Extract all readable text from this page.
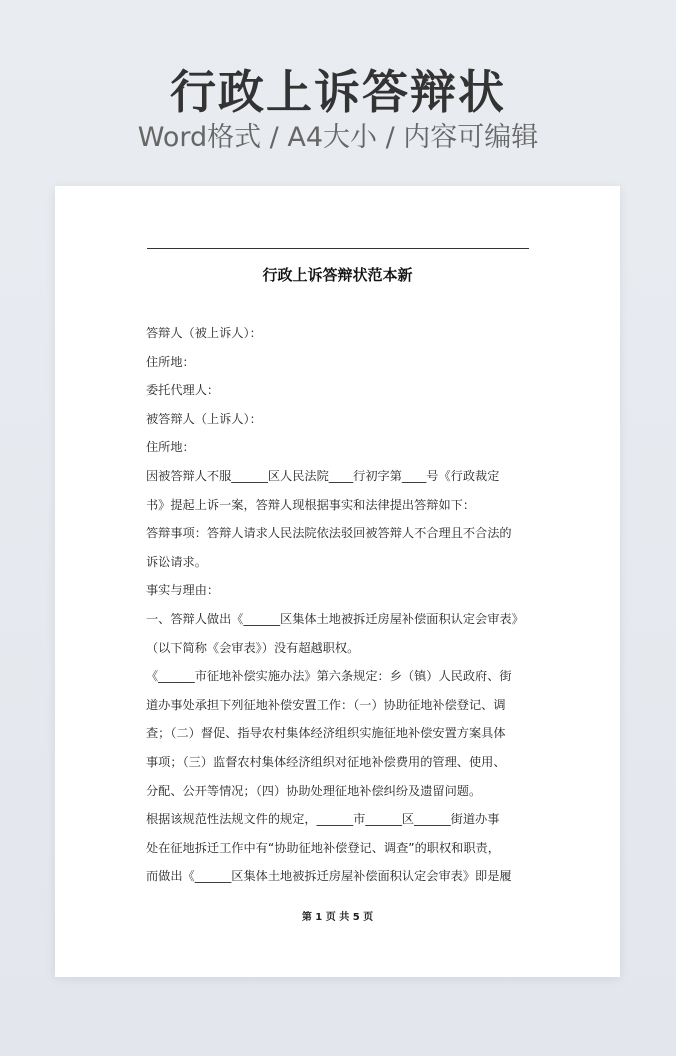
行政上诉答辩状
Word格式 / A4大小 / 内容可编辑
行政上诉答辩状范本新
答辩人（被上诉人）：
住所地：
委托代理人：
被答辩人（上诉人）：
住所地：
因被答辩人不服______区人民法院____行初字第____号《行政裁定
书》提起上诉一案，答辩人现根据事实和法律提出答辩如下：
答辩事项：答辩人请求人民法院依法驳回被答辩人不合理且不合法的
诉讼请求。
事实与理由：
一、答辩人做出《______区集体土地被拆迁房屋补偿面积认定会审表》
（以下简称《会审表》）没有超越职权。
《______市征地补偿实施办法》第六条规定：乡（镇）人民政府、街
道办事处承担下列征地补偿安置工作：（一）协助征地补偿登记、调
查；（二）督促、指导农村集体经济组织实施征地补偿安置方案具体
事项；（三）监督农村集体经济组织对征地补偿费用的管理、使用、
分配、公开等情况；（四）协助处理征地补偿纠纷及遗留问题。
根据该规范性法规文件的规定，______市______区______街道办事
处在征地拆迁工作中有“协助征地补偿登记、调查”的职权和职责，
而做出《______区集体土地被拆迁房屋补偿面积认定会审表》即是履
第 1 页 共 5 页
